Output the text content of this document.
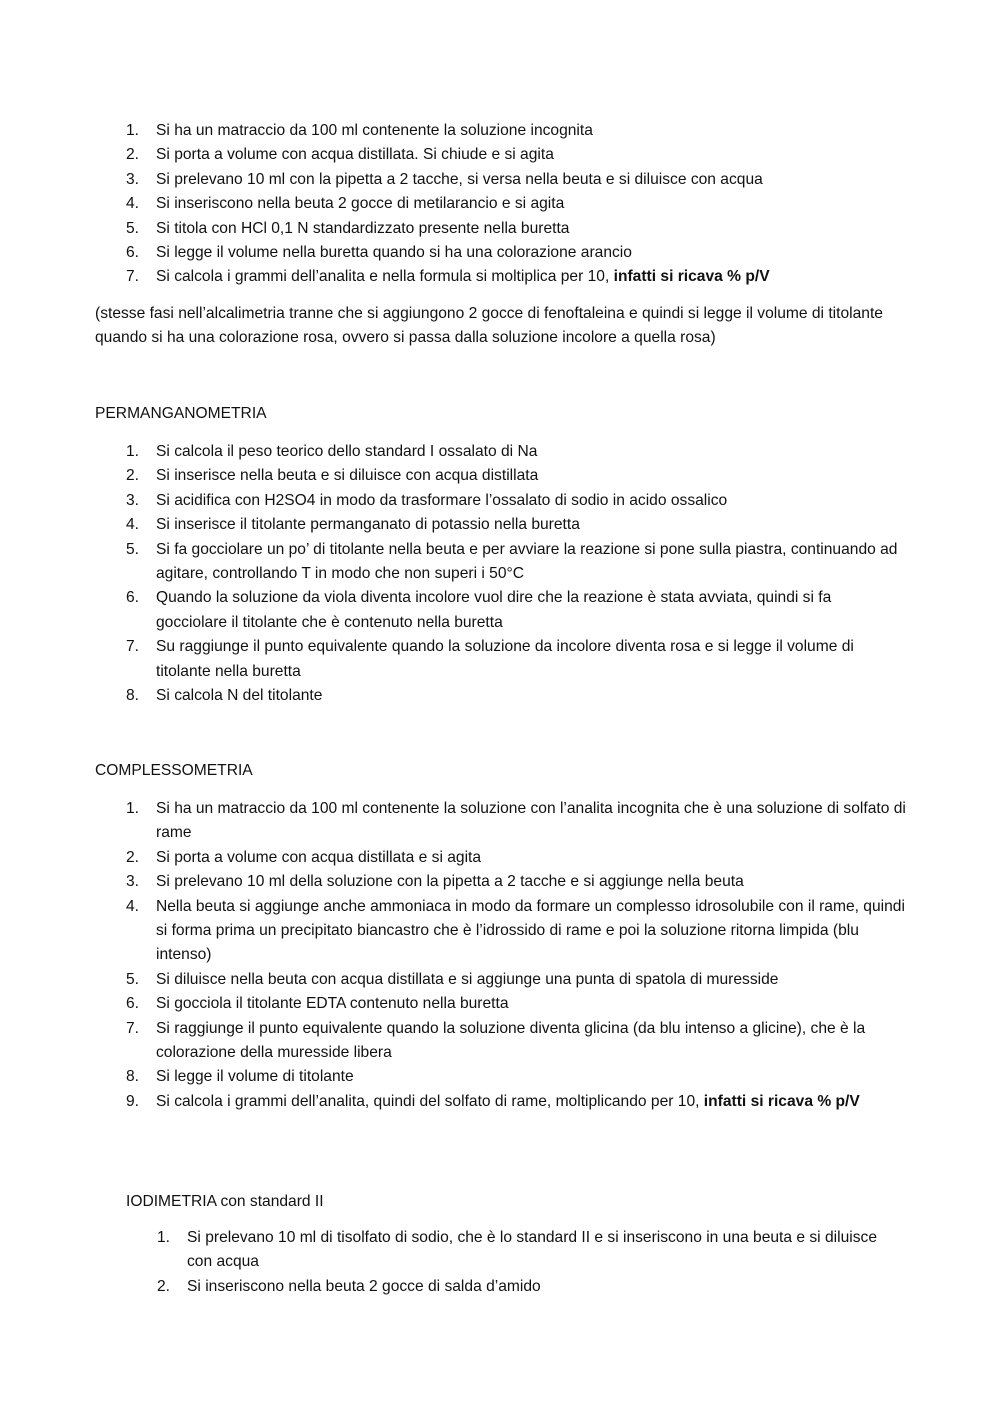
1. Si ha un matraccio da 100 ml contenente la soluzione incognita
2. Si porta a volume con acqua distillata. Si chiude e si agita
3. Si prelevano 10 ml con la pipetta a 2 tacche, si versa nella beuta e si diluisce con acqua
4. Si inseriscono nella beuta 2 gocce di metilarancio e si agita
5. Si titola con HCl 0,1 N standardizzato presente nella buretta
6. Si legge il volume nella buretta quando si ha una colorazione arancio
7. Si calcola i grammi dell’analita e nella formula si moltiplica per 10, infatti si ricava % p/V

(stesse fasi nell’alcalimetria tranne che si aggiungono 2 gocce di fenoftaleina e quindi si legge il volume di titolante quando si ha una colorazione rosa, ovvero si passa dalla soluzione incolore a quella rosa)

PERMANGANOMETRIA

1. Si calcola il peso teorico dello standard I ossalato di Na
2. Si inserisce nella beuta e si diluisce con acqua distillata
3. Si acidifica con H2SO4 in modo da trasformare l’ossalato di sodio in acido ossalico
4. Si inserisce il titolante permanganato di potassio nella buretta
5. Si fa gocciolare un po’ di titolante nella beuta e per avviare la reazione si pone sulla piastra, continuando ad agitare, controllando T in modo che non superi i 50°C
6. Quando la soluzione da viola diventa incolore vuol dire che la reazione è stata avviata, quindi si fa gocciolare il titolante che è contenuto nella buretta
7. Su raggiunge il punto equivalente quando la soluzione da incolore diventa rosa e si legge il volume di titolante nella buretta
8. Si calcola N del titolante

COMPLESSOMETRIA

1. Si ha un matraccio da 100 ml contenente la soluzione con l’analita incognita che è una soluzione di solfato di rame
2. Si porta a volume con acqua distillata e si agita
3. Si prelevano 10 ml della soluzione con la pipetta a 2 tacche e si aggiunge nella beuta
4. Nella beuta si aggiunge anche ammoniaca in modo da formare un complesso idrosolubile con il rame, quindi si forma prima un precipitato biancastro che è l’idrossido di rame e poi la soluzione ritorna limpida (blu intenso)
5. Si diluisce nella beuta con acqua distillata e si aggiunge una punta di spatola di muresside
6. Si gocciola il titolante EDTA contenuto nella buretta
7. Si raggiunge il punto equivalente quando la soluzione diventa glicina (da blu intenso a glicine), che è la colorazione della muresside libera
8. Si legge il volume di titolante
9. Si calcola i grammi dell’analita, quindi del solfato di rame, moltiplicando per 10, infatti si ricava % p/V

IODIMETRIA con standard II

1. Si prelevano 10 ml di tisolfato di sodio, che è lo standard II e si inseriscono in una beuta e si diluisce con acqua
2. Si inseriscono nella beuta 2 gocce di salda d’amido
